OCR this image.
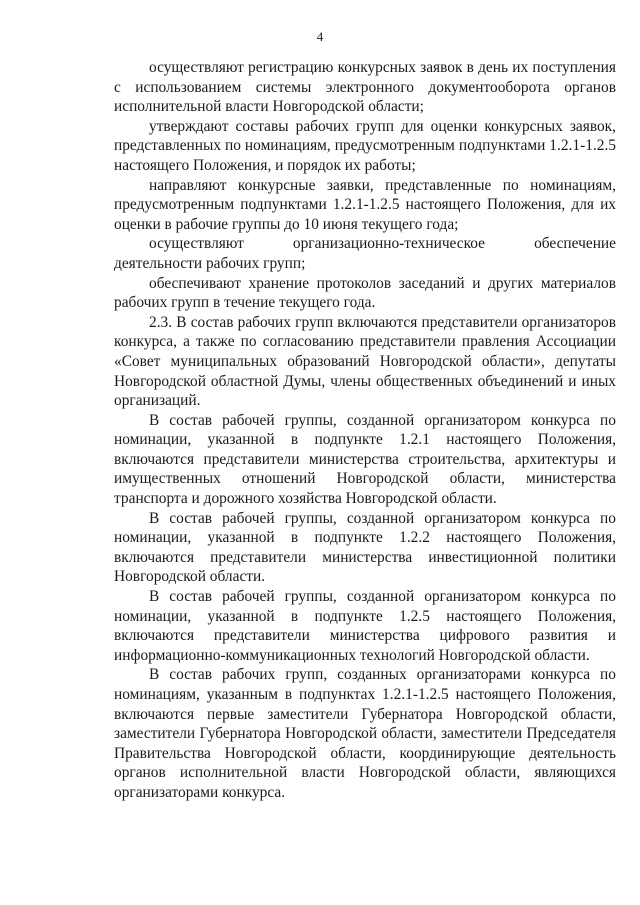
4

осуществляют регистрацию конкурсных заявок в день их поступления с использованием системы электронного документооборота органов исполнительной власти Новгородской области;

утверждают составы рабочих групп для оценки конкурсных заявок, представленных по номинациям, предусмотренным подпунктами 1.2.1-1.2.5 настоящего Положения, и порядок их работы;

направляют конкурсные заявки, представленные по номинациям, предусмотренным подпунктами 1.2.1-1.2.5 настоящего Положения, для их оценки в рабочие группы до 10 июня текущего года;

осуществляют организационно-техническое обеспечение деятельности рабочих групп;

обеспечивают хранение протоколов заседаний и других материалов рабочих групп в течение текущего года.

2.3. В состав рабочих групп включаются представители организаторов конкурса, а также по согласованию представители правления Ассоциации «Совет муниципальных образований Новгородской области», депутаты Новгородской областной Думы, члены общественных объединений и иных организаций.

В состав рабочей группы, созданной организатором конкурса по номинации, указанной в подпункте 1.2.1 настоящего Положения, включаются представители министерства строительства, архитектуры и имущественных отношений Новгородской области, министерства транспорта и дорожного хозяйства Новгородской области.

В состав рабочей группы, созданной организатором конкурса по номинации, указанной в подпункте 1.2.2 настоящего Положения, включаются представители министерства инвестиционной политики Новгородской области.

В состав рабочей группы, созданной организатором конкурса по номинации, указанной в подпункте 1.2.5 настоящего Положения, включаются представители министерства цифрового развития и информационно-коммуникационных технологий Новгородской области.

В состав рабочих групп, созданных организаторами конкурса по номинациям, указанным в подпунктах 1.2.1-1.2.5 настоящего Положения, включаются первые заместители Губернатора Новгородской области, заместители Губернатора Новгородской области, заместители Председателя Правительства Новгородской области, координирующие деятельность органов исполнительной власти Новгородской области, являющихся организаторами конкурса.
